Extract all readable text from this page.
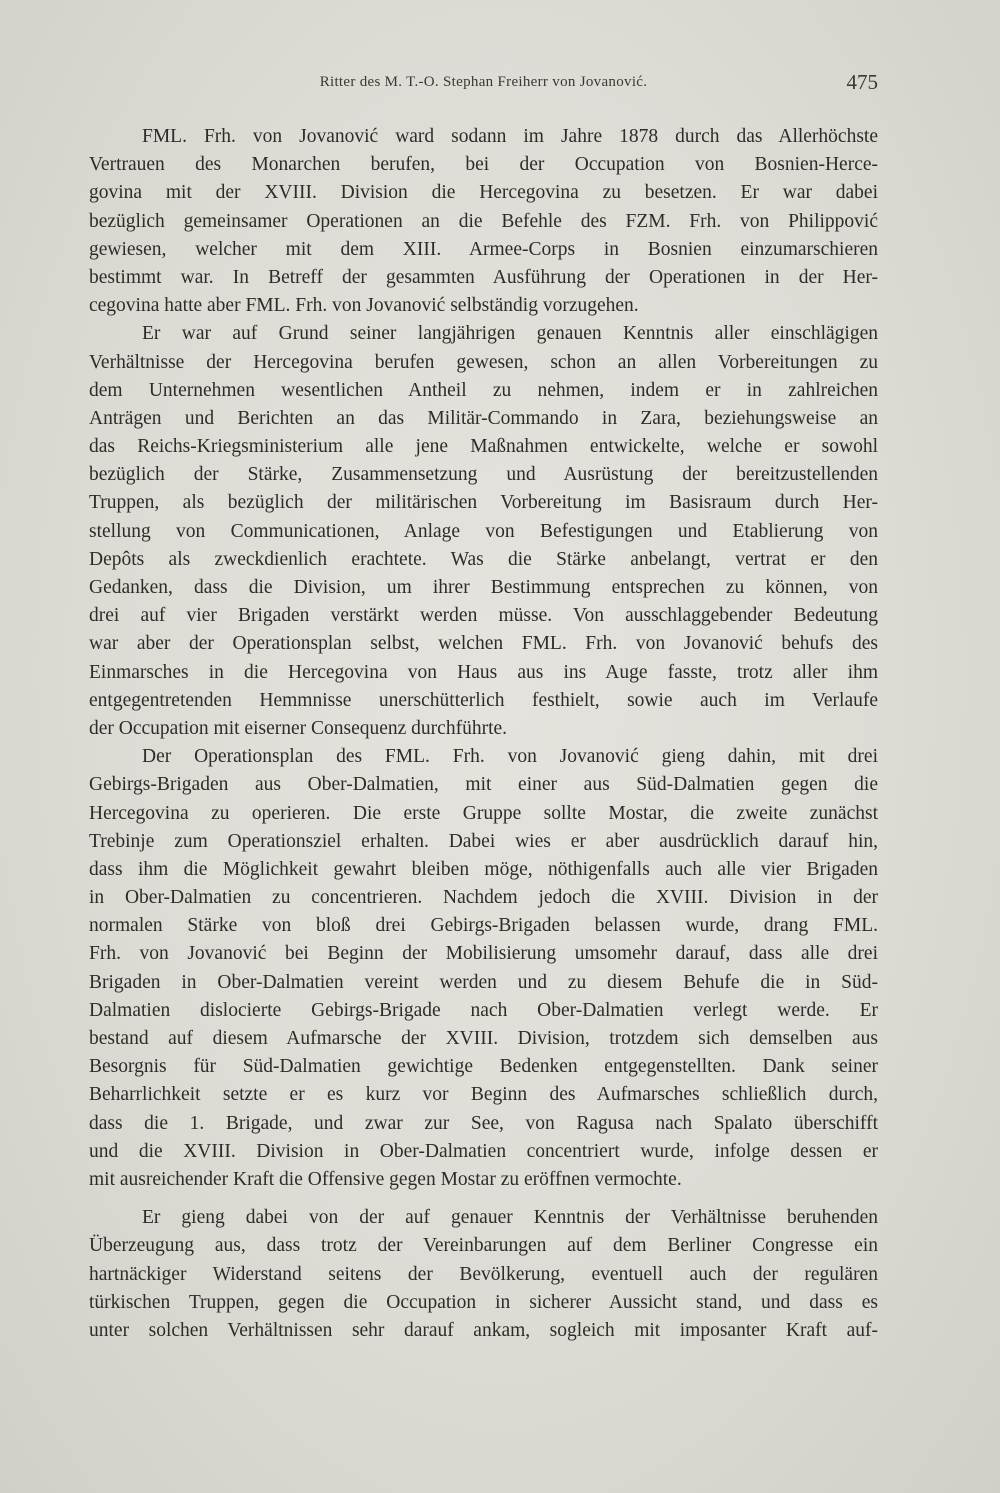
Ritter des M. T.-O. Stephan Freiherr von Jovanović.	475
FML. Frh. von Jovanović ward sodann im Jahre 1878 durch das Allerhöchste
Vertrauen des Monarchen berufen, bei der Occupation von Bosnien-Herce-
govina mit der XVIII. Division die Hercegovina zu besetzen. Er war dabei
bezüglich gemeinsamer Operationen an die Befehle des FZM. Frh. von Philippović
gewiesen, welcher mit dem XIII. Armee-Corps in Bosnien einzumarschieren
bestimmt war. In Betreff der gesammten Ausführung der Operationen in der Her-
cegovina hatte aber FML. Frh. von Jovanović selbständig vorzugehen.
Er war auf Grund seiner langjährigen genauen Kenntnis aller einschlägigen
Verhältnisse der Hercegovina berufen gewesen, schon an allen Vorbereitungen zu
dem Unternehmen wesentlichen Antheil zu nehmen, indem er in zahlreichen
Anträgen und Berichten an das Militär-Commando in Zara, beziehungsweise an
das Reichs-Kriegsministerium alle jene Maßnahmen entwickelte, welche er sowohl
bezüglich der Stärke, Zusammensetzung und Ausrüstung der bereitzustellenden
Truppen, als bezüglich der militärischen Vorbereitung im Basisraum durch Her-
stellung von Communicationen, Anlage von Befestigungen und Etablierung von
Depôts als zweckdienlich erachtete. Was die Stärke anbelangt, vertrat er den
Gedanken, dass die Division, um ihrer Bestimmung entsprechen zu können, von
drei auf vier Brigaden verstärkt werden müsse. Von ausschlaggebender Bedeutung
war aber der Operationsplan selbst, welchen FML. Frh. von Jovanović behufs des
Einmarsches in die Hercegovina von Haus aus ins Auge fasste, trotz aller ihm
entgegentretenden Hemmnisse unerschütterlich festhielt, sowie auch im Verlaufe
der Occupation mit eiserner Consequenz durchführte.
Der Operationsplan des FML. Frh. von Jovanović gieng dahin, mit drei
Gebirgs-Brigaden aus Ober-Dalmatien, mit einer aus Süd-Dalmatien gegen die
Hercegovina zu operieren. Die erste Gruppe sollte Mostar, die zweite zunächst
Trebinje zum Operationsziel erhalten. Dabei wies er aber ausdrücklich darauf hin,
dass ihm die Möglichkeit gewahrt bleiben möge, nöthigenfalls auch alle vier Brigaden
in Ober-Dalmatien zu concentrieren. Nachdem jedoch die XVIII. Division in der
normalen Stärke von bloß drei Gebirgs-Brigaden belassen wurde, drang FML.
Frh. von Jovanović bei Beginn der Mobilisierung umsomehr darauf, dass alle drei
Brigaden in Ober-Dalmatien vereint werden und zu diesem Behufe die in Süd-
Dalmatien dislocierte Gebirgs-Brigade nach Ober-Dalmatien verlegt werde. Er
bestand auf diesem Aufmarsche der XVIII. Division, trotzdem sich demselben aus
Besorgnis für Süd-Dalmatien gewichtige Bedenken entgegenstellten. Dank seiner
Beharrlichkeit setzte er es kurz vor Beginn des Aufmarsches schließlich durch,
dass die 1. Brigade, und zwar zur See, von Ragusa nach Spalato überschifft
und die XVIII. Division in Ober-Dalmatien concentriert wurde, infolge dessen er
mit ausreichender Kraft die Offensive gegen Mostar zu eröffnen vermochte.
Er gieng dabei von der auf genauer Kenntnis der Verhältnisse beruhenden
Überzeugung aus, dass trotz der Vereinbarungen auf dem Berliner Congresse ein
hartnäckiger Widerstand seitens der Bevölkerung, eventuell auch der regulären
türkischen Truppen, gegen die Occupation in sicherer Aussicht stand, und dass es
unter solchen Verhältnissen sehr darauf ankam, sogleich mit imposanter Kraft auf-
